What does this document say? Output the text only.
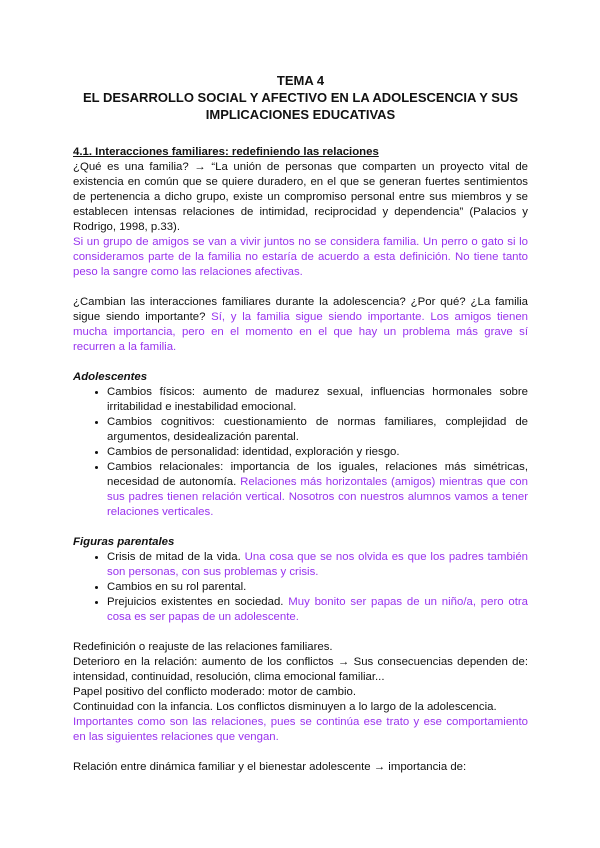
TEMA 4

EL DESARROLLO SOCIAL Y AFECTIVO EN LA ADOLESCENCIA Y SUS

IMPLICACIONES EDUCATIVAS

4.1. Interacciones familiares: redefiniendo las relaciones

¿Qué es una familia? → “La unión de personas que comparten un proyecto vital de existencia en común que se quiere duradero, en el que se generan fuertes sentimientos de pertenencia a dicho grupo, existe un compromiso personal entre sus miembros y se establecen intensas relaciones de intimidad, reciprocidad y dependencia” (Palacios y Rodrigo, 1998, p.33).

Si un grupo de amigos se van a vivir juntos no se considera familia. Un perro o gato si lo consideramos parte de la familia no estaría de acuerdo a esta definición. No tiene tanto peso la sangre como las relaciones afectivas.

¿Cambian las interacciones familiares durante la adolescencia? ¿Por qué? ¿La familia sigue siendo importante? Sí, y la familia sigue siendo importante. Los amigos tienen mucha importancia, pero en el momento en el que hay un problema más grave sí recurren a la familia.

Adolescentes

• Cambios físicos: aumento de madurez sexual, influencias hormonales sobre irritabilidad e inestabilidad emocional.
• Cambios cognitivos: cuestionamiento de normas familiares, complejidad de argumentos, desidealización parental.
• Cambios de personalidad: identidad, exploración y riesgo.
• Cambios relacionales: importancia de los iguales, relaciones más simétricas, necesidad de autonomía. Relaciones más horizontales (amigos) mientras que con sus padres tienen relación vertical. Nosotros con nuestros alumnos vamos a tener relaciones verticales.

Figuras parentales

• Crisis de mitad de la vida. Una cosa que se nos olvida es que los padres también son personas, con sus problemas y crisis.
• Cambios en su rol parental.
• Prejuicios existentes en sociedad. Muy bonito ser papas de un niño/a, pero otra cosa es ser papas de un adolescente.

Redefinición o reajuste de las relaciones familiares.

Deterioro en la relación: aumento de los conflictos → Sus consecuencias dependen de: intensidad, continuidad, resolución, clima emocional familiar...

Papel positivo del conflicto moderado: motor de cambio.

Continuidad con la infancia. Los conflictos disminuyen a lo largo de la adolescencia.

Importantes como son las relaciones, pues se continúa ese trato y ese comportamiento en las siguientes relaciones que vengan.

Relación entre dinámica familiar y el bienestar adolescente → importancia de:
